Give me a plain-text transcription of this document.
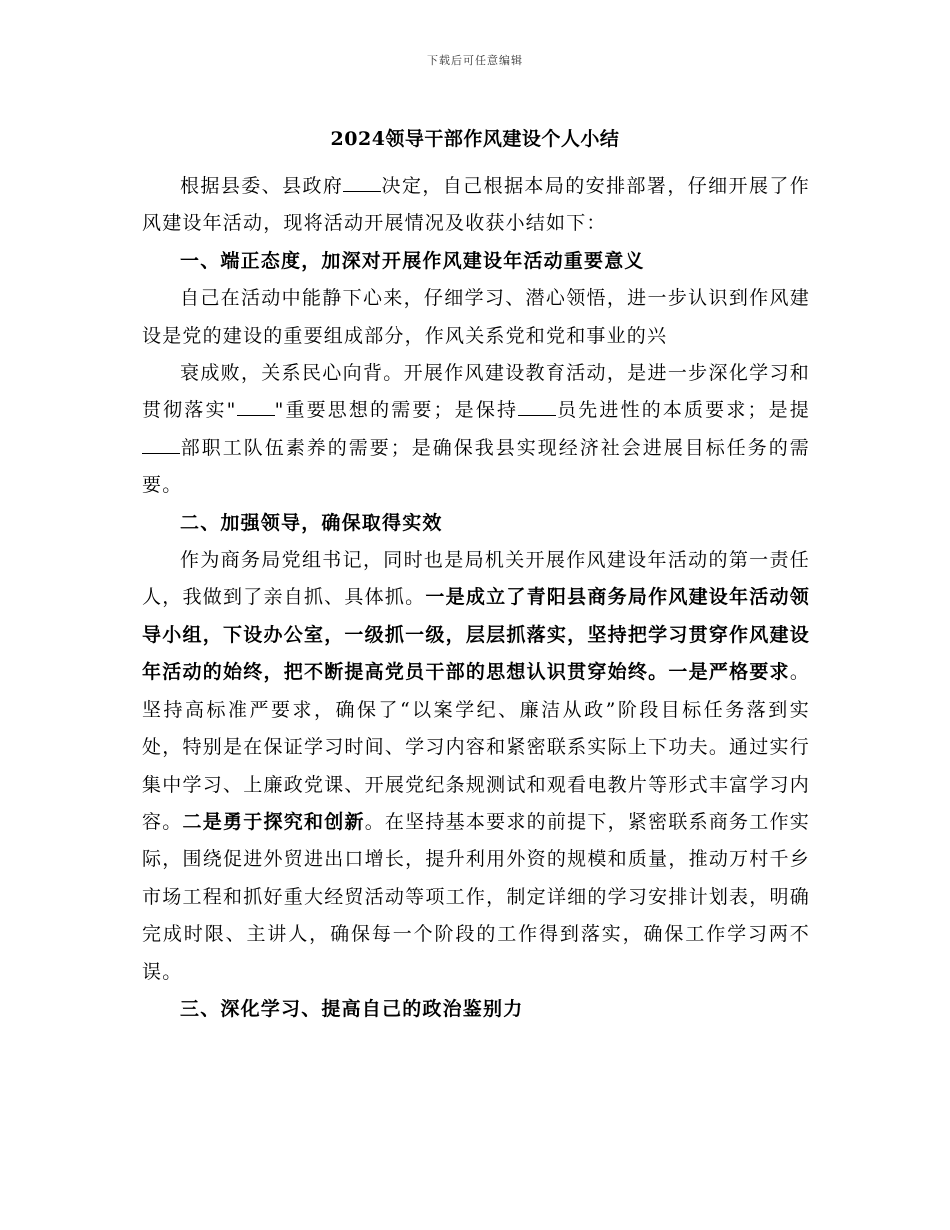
下载后可任意编辑
2024领导干部作风建设个人小结

根据县委、县政府 决定，自己根据本局的安排部署，仔细开展了作风建设年活动，现将活动开展情况及收获小结如下：

一、端正态度，加深对开展作风建设年活动重要意义

自己在活动中能静下心来，仔细学习、潜心领悟，进一步认识到作风建设是党的建设的重要组成部分，作风关系党和党和事业的兴

衰成败，关系民心向背。开展作风建设教育活动，是进一步深化学习和贯彻落实" "重要思想的需要；是保持 员先进性的本质要求；是提部职工队伍素养的需要；是确保我县实现经济社会进展目标任务的需要。

二、加强领导，确保取得实效

作为商务局党组书记，同时也是局机关开展作风建设年活动的第一责任人，我做到了亲自抓、具体抓。一是成立了青阳县商务局作风建设年活动领导小组，下设办公室，一级抓一级，层层抓落实，坚持把学习贯穿作风建设年活动的始终，把不断提高党员干部的思想认识贯穿始终。一是严格要求。坚持高标准严要求，确保了“以案学纪、廉洁从政”阶段目标任务落到实处，特别是在保证学习时间、学习内容和紧密联系实际上下功夫。通过实行集中学习、上廉政党课、开展党纪条规测试和观看电教片等形式丰富学习内容。二是勇于探究和创新。在坚持基本要求的前提下，紧密联系商务工作实际，围绕促进外贸进出口增长，提升利用外资的规模和质量，推动万村千乡市场工程和抓好重大经贸活动等项工作，制定详细的学习安排计划表，明确完成时限、主讲人，确保每一个阶段的工作得到落实，确保工作学习两不误。

三、深化学习、提高自己的政治鉴别力
